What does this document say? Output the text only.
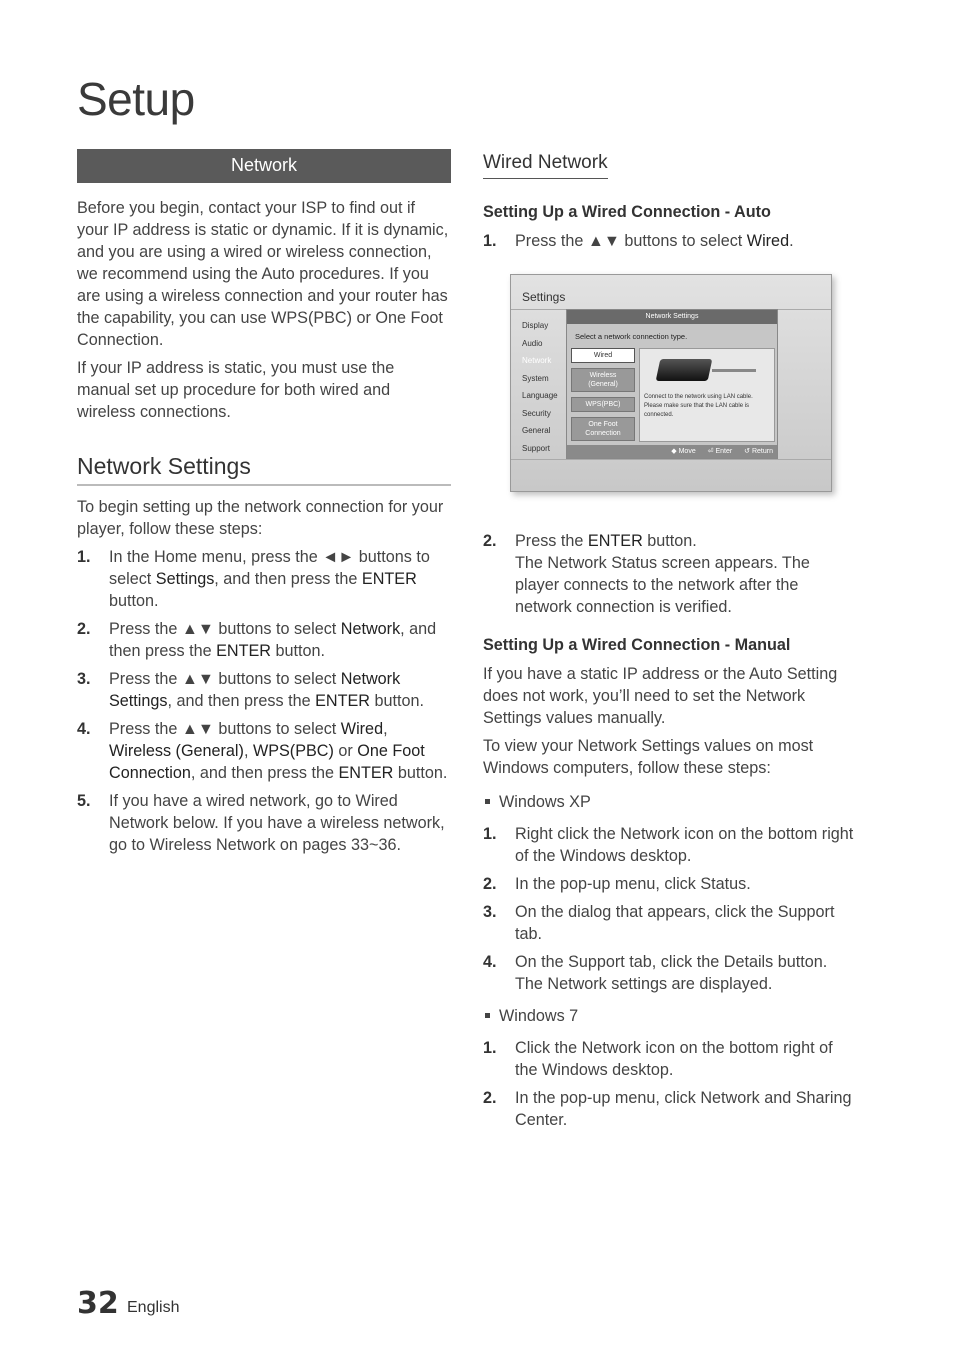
Setup
Network

Before you begin, contact your ISP to find out if your IP address is static or dynamic. If it is dynamic, and you are using a wired or wireless connection, we recommend using the Auto procedures. If you are using a wireless connection and your router has the capability, you can use WPS(PBC) or One Foot Connection.

If your IP address is static, you must use the manual set up procedure for both wired and wireless connections.

Network Settings

To begin setting up the network connection for your player, follow these steps:

1. In the Home menu, press the ◄► buttons to select Settings, and then press the ENTER button.
2. Press the ▲▼ buttons to select Network, and then press the ENTER button.
3. Press the ▲▼ buttons to select Network Settings, and then press the ENTER button.
4. Press the ▲▼ buttons to select Wired, Wireless (General), WPS(PBC) or One Foot Connection, and then press the ENTER button.
5. If you have a wired network, go to Wired Network below. If you have a wireless network, go to Wireless Network on pages 33~36.
Wired Network
Setting Up a Wired Connection - Auto
1. Press the ▲▼ buttons to select Wired.
Settings
Display
Audio
Network
System
Language
Security
General
Support
Network Settings
Select a network connection type.
Wired
Wireless
(General)
WPS(PBC)
One Foot
Connection
Connect to the network using LAN cable. Please make sure that the LAN cable is connected.
◆ Move ⏎ Enter ↺ Return
2. Press the ENTER button.
The Network Status screen appears. The player connects to the network after the network connection is verified.
Setting Up a Wired Connection - Manual

If you have a static IP address or the Auto Setting does not work, you’ll need to set the Network Settings values manually.

To view your Network Settings values on most Windows computers, follow these steps:

Windows XP
1. Right click the Network icon on the bottom right of the Windows desktop.
2. In the pop-up menu, click Status.
3. On the dialog that appears, click the Support tab.
4. On the Support tab, click the Details button. The Network settings are displayed.
Windows 7
1. Click the Network icon on the bottom right of the Windows desktop.
2. In the pop-up menu, click Network and Sharing Center.
32 English
